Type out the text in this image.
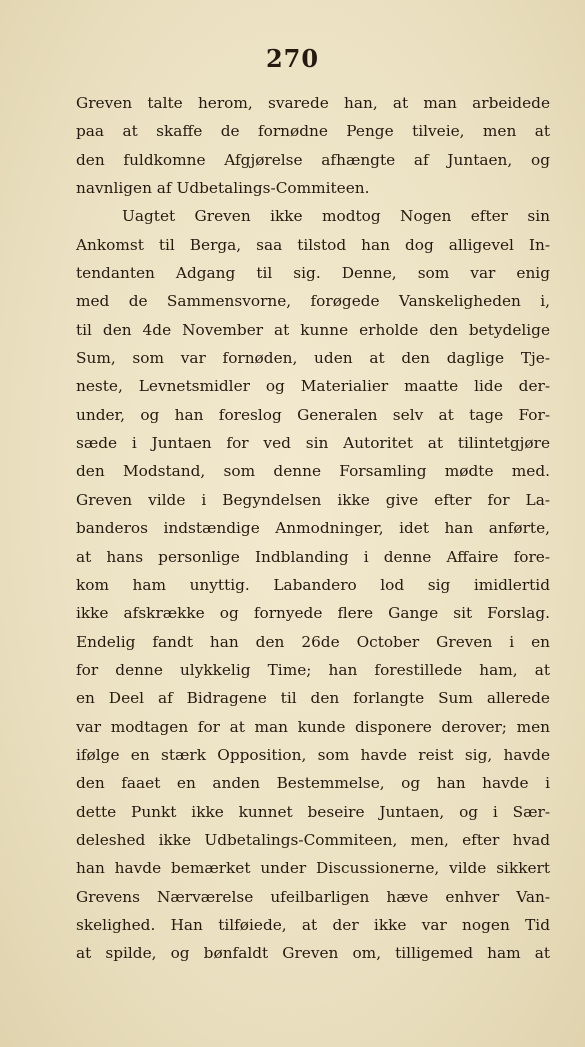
270
Greven talte herom, svarede han, at man arbeidede
paa at skaffe de fornødne Penge tilveie, men at
den fuldkomne Afgjørelse afhængte af Juntaen, og
navnligen af Udbetalings-Commiteen.
Uagtet Greven ikke modtog Nogen efter sin
Ankomst til Berga, saa tilstod han dog alligevel In-
tendanten Adgang til sig. Denne, som var enig
med de Sammensvorne, forøgede Vanskeligheden i,
til den 4de November at kunne erholde den betydelige
Sum, som var fornøden, uden at den daglige Tje-
neste, Levnetsmidler og Materialier maatte lide der-
under, og han foreslog Generalen selv at tage For-
sæde i Juntaen for ved sin Autoritet at tilintetgjøre
den Modstand, som denne Forsamling mødte med.
Greven vilde i Begyndelsen ikke give efter for La-
banderos indstændige Anmodninger, idet han anførte,
at hans personlige Indblanding i denne Affaire fore-
kom ham unyttig. Labandero lod sig imidlertid
ikke afskrække og fornyede flere Gange sit Forslag.
Endelig fandt han den 26de October Greven i en
for denne ulykkelig Time; han forestillede ham, at
en Deel af Bidragene til den forlangte Sum allerede
var modtagen for at man kunde disponere derover; men
ifølge en stærk Opposition, som havde reist sig, havde
den faaet en anden Bestemmelse, og han havde i
dette Punkt ikke kunnet beseire Juntaen, og i Sær-
deleshed ikke Udbetalings-Commiteen, men, efter hvad
han havde bemærket under Discussionerne, vilde sikkert
Grevens Nærværelse ufeilbarligen hæve enhver Van-
skelighed. Han tilføiede, at der ikke var nogen Tid
at spilde, og bønfaldt Greven om, tilligemed ham at
